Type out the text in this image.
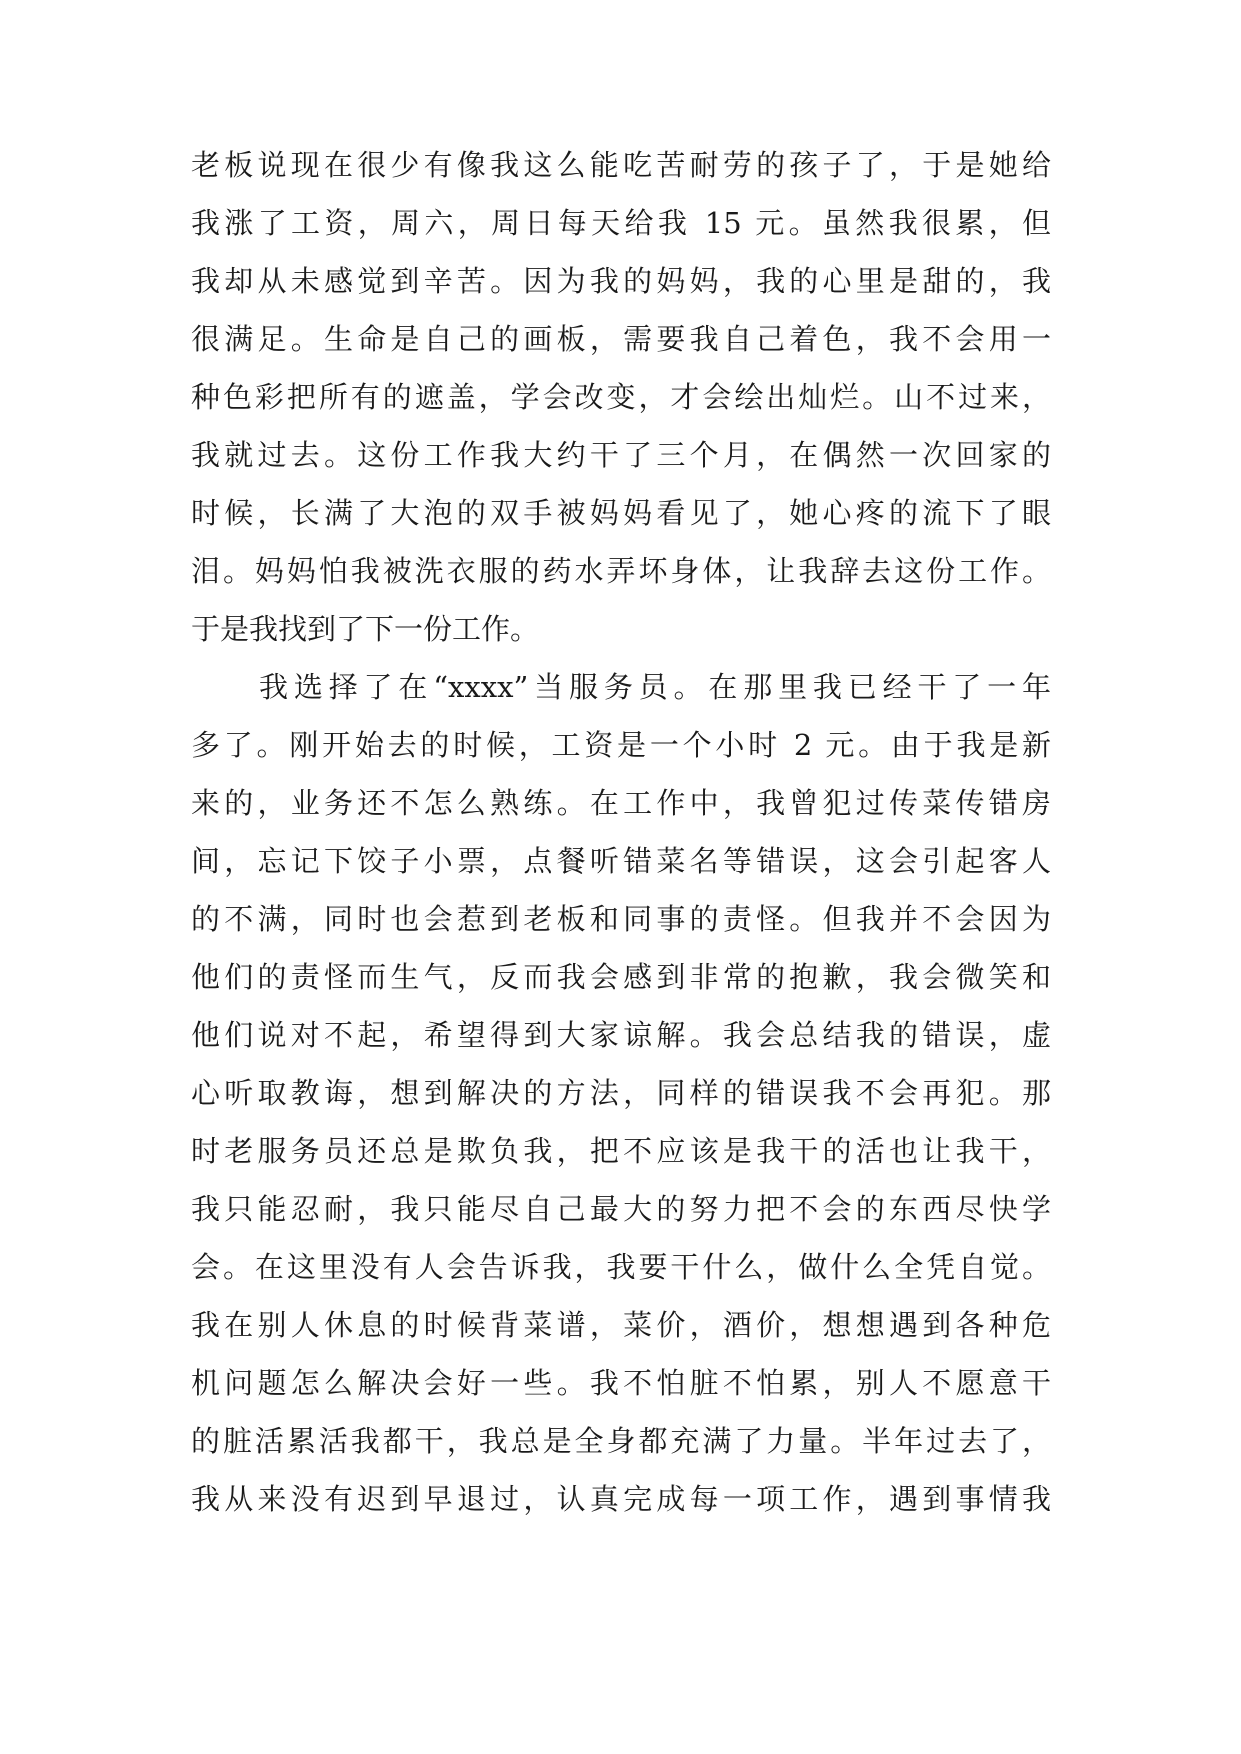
老板说现在很少有像我这么能吃苦耐劳的孩子了，于是她给
我涨了工资，周六，周日每天给我 15 元。虽然我很累，但
我却从未感觉到辛苦。因为我的妈妈，我的心里是甜的，我
很满足。生命是自己的画板，需要我自己着色，我不会用一
种色彩把所有的遮盖，学会改变，才会绘出灿烂。山不过来，
我就过去。这份工作我大约干了三个月，在偶然一次回家的
时候，长满了大泡的双手被妈妈看见了，她心疼的流下了眼
泪。妈妈怕我被洗衣服的药水弄坏身体，让我辞去这份工作。
于是我找到了下一份工作。
我选择了在“xxxx”当服务员。在那里我已经干了一年
多了。刚开始去的时候，工资是一个小时 2 元。由于我是新
来的，业务还不怎么熟练。在工作中，我曾犯过传菜传错房
间，忘记下饺子小票，点餐听错菜名等错误，这会引起客人
的不满，同时也会惹到老板和同事的责怪。但我并不会因为
他们的责怪而生气，反而我会感到非常的抱歉，我会微笑和
他们说对不起，希望得到大家谅解。我会总结我的错误，虚
心听取教诲，想到解决的方法，同样的错误我不会再犯。那
时老服务员还总是欺负我，把不应该是我干的活也让我干，
我只能忍耐，我只能尽自己最大的努力把不会的东西尽快学
会。在这里没有人会告诉我，我要干什么，做什么全凭自觉。
我在别人休息的时候背菜谱，菜价，酒价，想想遇到各种危
机问题怎么解决会好一些。我不怕脏不怕累，别人不愿意干
的脏活累活我都干，我总是全身都充满了力量。半年过去了，
我从来没有迟到早退过，认真完成每一项工作，遇到事情我
